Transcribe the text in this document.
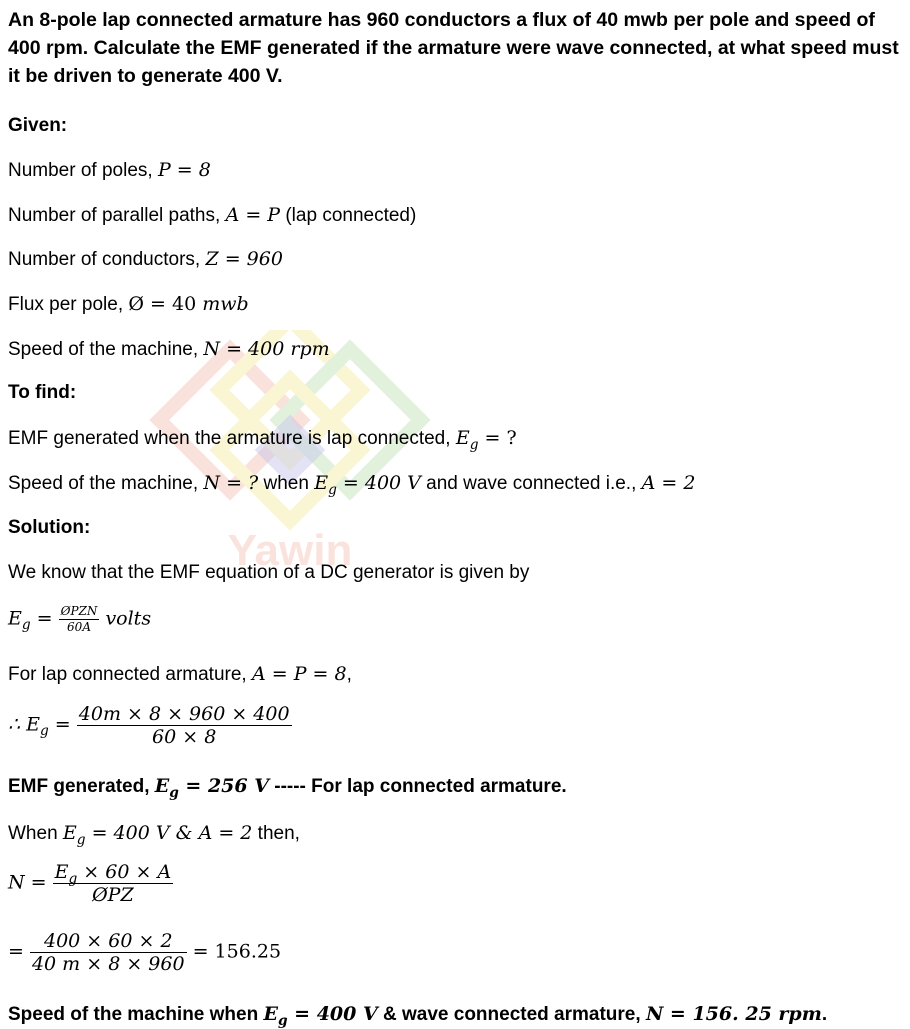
Yawin
An 8-pole lap connected armature has 960 conductors a flux of 40 mwb per pole and speed of 400 rpm. Calculate the EMF generated if the armature were wave connected, at what speed must it be driven to generate 400 V.
Given:
Number of poles, P = 8
Number of parallel paths, A = P (lap connected)
Number of conductors, Z = 960
Flux per pole, Ø = 40 mwb
Speed of the machine, N = 400 rpm
To find:
EMF generated when the armature is lap connected, $E_g$ = ?
Speed of the machine, N = ? when $E_g = 400$ V and wave connected i.e., A = 2
Solution:
We know that the EMF equation of a DC generator is given by
$E_g = \frac{\text{ØPZN}}{60A}$ volts
For lap connected armature, A = P = 8,
∴ $E_g = \frac{40m \times 8 \times 960 \times 400}{60 \times 8}$
EMF generated, $E_g = 256$ V ----- For lap connected armature.
When $E_g = 400$ V & A = 2 then,
$N = \frac{E_g \times 60 \times A}{\text{ØPZ}}$
= $\frac{400 \times 60 \times 2}{40 m \times 8 \times 960} = 156.25$
Speed of the machine when $E_g = 400$ V & wave connected armature, N = 156. 25 rpm.
